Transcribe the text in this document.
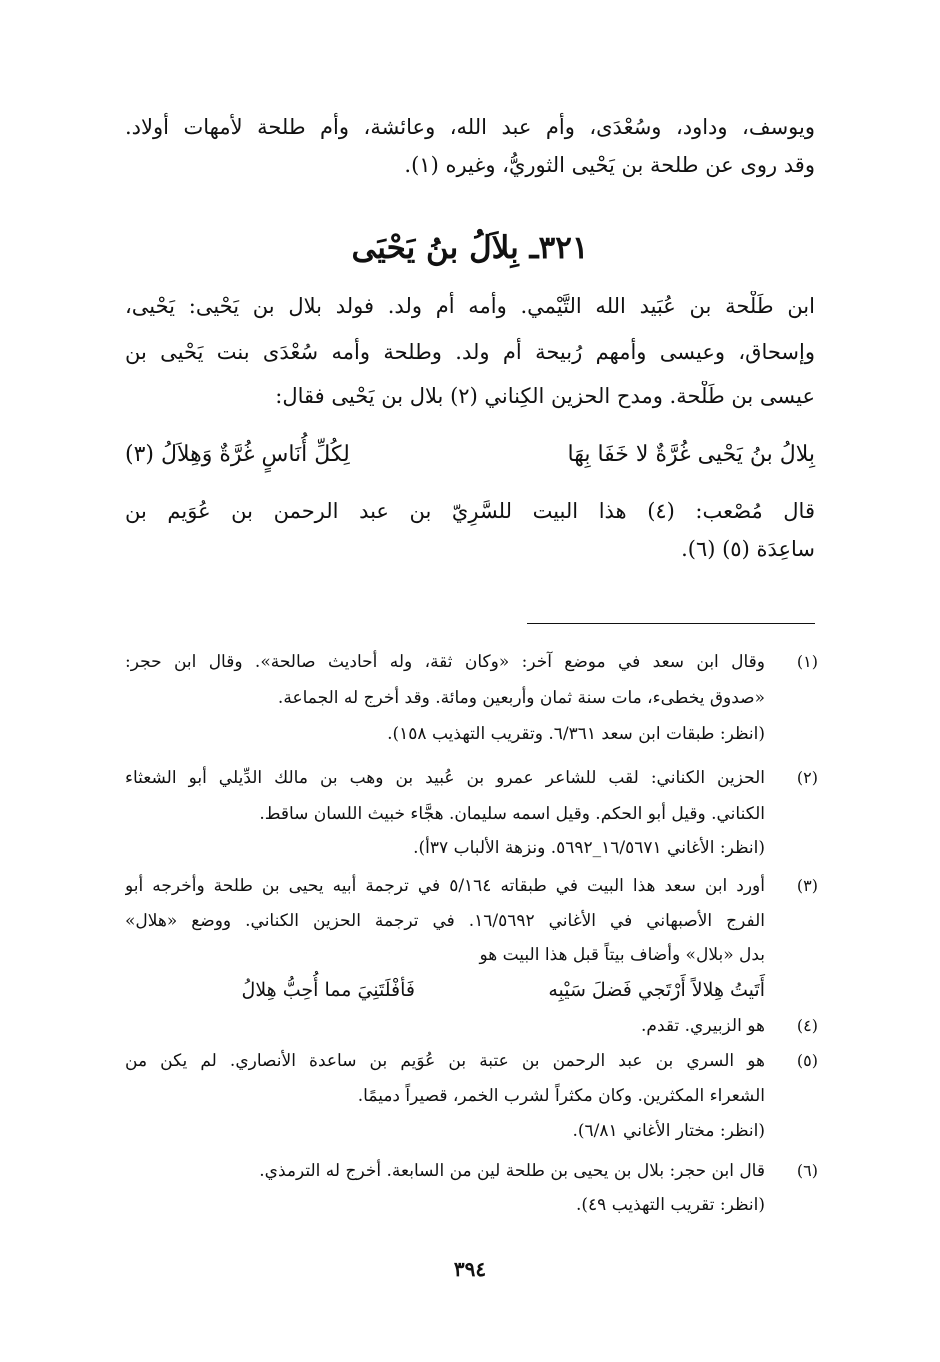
ويوسف، وداود، وسُعْدَى، وأم عبد الله، وعائشة، وأم طلحة لأمهات أولاد.
وقد روى عن طلحة بن يَحْيى الثوريُّ، وغيره (١).
٣٢١ـ بِلاَلُ بنُ يَحْيَى
ابن طَلْحة بن عُبَيد الله التَّيْمي. وأمه أم ولد. فولد بلال بن يَحْيى: يَحْيى،
وإسحاق، وعيسى وأمهم رُبيحة أم ولد. وطلحة وأمه سُعْدَى بنت يَحْيى بن
عيسى بن طَلْحة. ومدح الحزين الكِناني (٢) بلال بن يَحْيى فقال:
بِلالُ بنُ يَحْيى غُرَّةٌ لا خَفَا بِهَا
لِكُلِّ أُنَاسٍ غُرَّةٌ وَهِلاَلُ (٣)
قال مُصْعب: (٤) هذا البيت للسَّرِيّ بن عبد الرحمن بن عُوَيم بن
ساعِدَة (٥) (٦).
(١)
وقال ابن سعد في موضع آخر: «وكان ثقة، وله أحاديث صالحة». وقال ابن حجر:
«صدوق يخطىء، مات سنة ثمان وأربعين ومائة. وقد أخرج له الجماعة.
(انظر: طبقات ابن سعد ٦/٣٦١. وتقريب التهذيب ١٥٨).
(٢)
الحزين الكناني: لقب للشاعر عمرو بن عُبيد بن وهب بن مالك الدِّيلي أبو الشعثاء
الكناني. وقيل أبو الحكم. وقيل اسمه سليمان. هجَّاء خبيث اللسان ساقط.
(انظر: الأغاني ١٦/٥٦٧١_٥٦٩٢. ونزهة الألباب ٣٧أ).
(٣)
أورد ابن سعد هذا البيت في طبقاته ٥/١٦٤ في ترجمة أبيه يحيى بن طلحة وأخرجه أبو
الفرج الأصبهاني في الأغاني ١٦/٥٦٩٢. في ترجمة الحزين الكناني. ووضع «هلال»
بدل «بلال» وأضاف بيتاً قبل هذا البيت هو
أَتَيتُ هِلالاً أَرْتَجي فَضلَ سَيْبِه
فَأفْلَتَنِيَ مما أُحِبُّ هِلالُ
(٤)
هو الزبيري. تقدم.
(٥)
هو السري بن عبد الرحمن بن عتبة بن عُوَيم بن ساعدة الأنصاري. لم يكن من
الشعراء المكثرين. وكان مكثراً لشرب الخمر، قصيراً دميمًا.
(انظر: مختار الأغاني ٦/٨١).
(٦)
قال ابن حجر: بلال بن يحيى بن طلحة لين من السابعة. أخرج له الترمذي.
(انظر: تقريب التهذيب ٤٩).
٣٩٤
